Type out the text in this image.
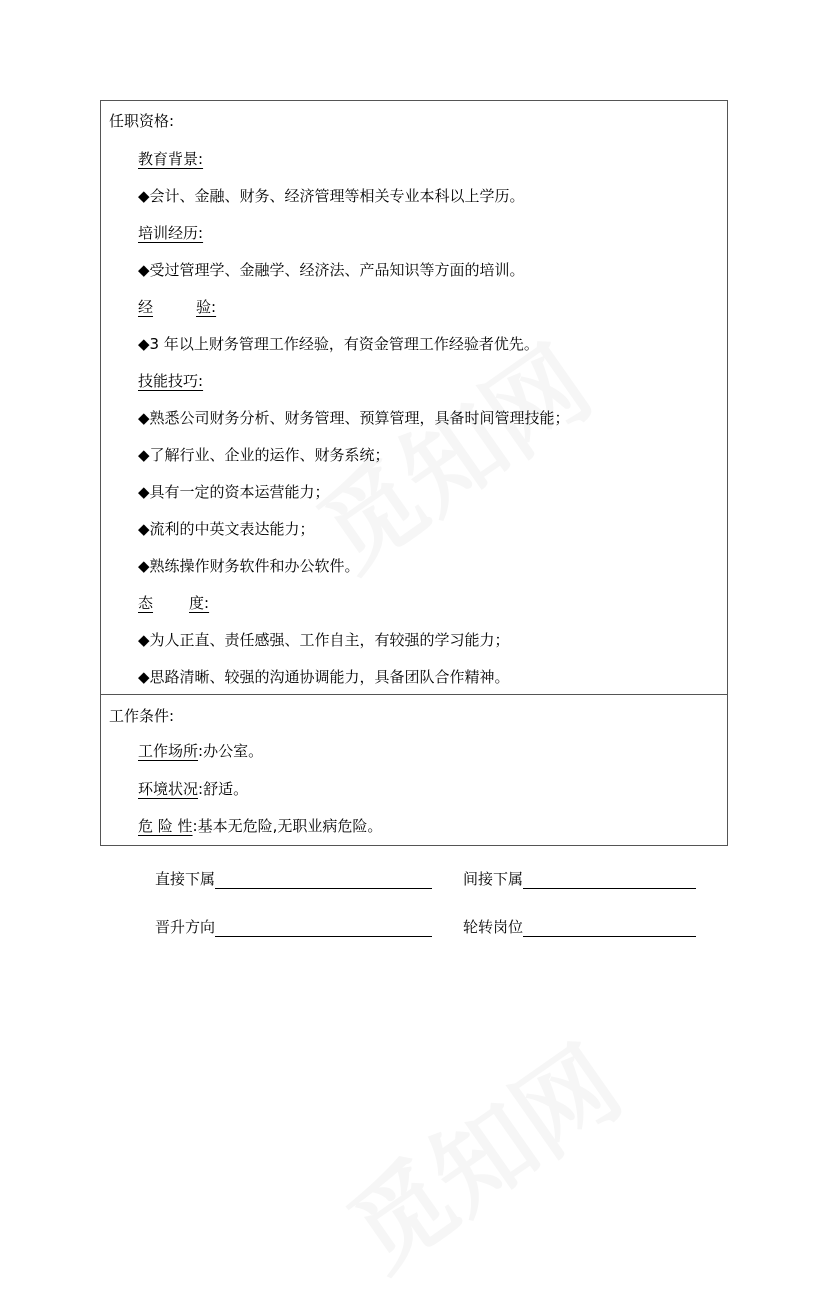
任职资格:
教育背景:
◆会计、金融、财务、经济管理等相关专业本科以上学历。
培训经历:
◆受过管理学、金融学、经济法、产品知识等方面的培训。
经	验:
◆3 年以上财务管理工作经验，有资金管理工作经验者优先。
技能技巧:
◆熟悉公司财务分析、财务管理、预算管理，具备时间管理技能；
◆了解行业、企业的运作、财务系统；
◆具有一定的资本运营能力；
◆流利的中英文表达能力；
◆熟练操作财务软件和办公软件。
态 度:
◆为人正直、责任感强、工作自主，有较强的学习能力；
◆思路清晰、较强的沟通协调能力，具备团队合作精神。
工作条件:
工作场所:办公室。
环境状况:舒适。
危 险 性:基本无危险,无职业病危险。
直接下属	间接下属
晋升方向	轮转岗位
